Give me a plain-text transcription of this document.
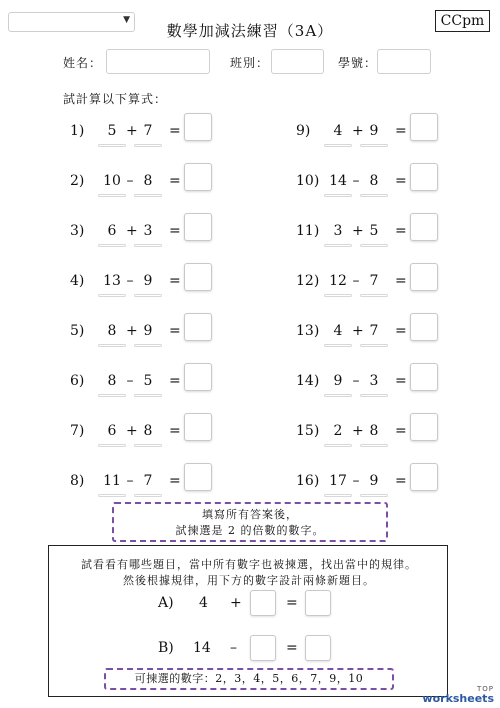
▼
數學加減法練習（3A）
CCpm
姓名：	班別：	學號：
試計算以下算式：
1)	5 + 7	=
2)	10 – 8	=
3)	6 + 3	=
4)	13 – 9	=
5)	8 + 9	=
6)	8 – 5	=
7)	6 + 8	=
8)	11 – 7	=
9)	4 + 9	=
10) 14 – 8	=
11)	3 + 5	=
12) 12 – 7	=
13)	4 + 7	=
14)	9 – 3	=
15)	2 + 8	=
16) 17 – 9	=
填寫所有答案後，
試揀選是 2 的倍數的數字。
試看看有哪些題目，當中所有數字也被揀選，找出當中的規律。
然後根據規律，用下方的數字設計兩條新題目。
A) 4 +	=
B) 14 –	=
可揀選的數字：2，3，4，5，6，7，9，10
TOP
worksheets
